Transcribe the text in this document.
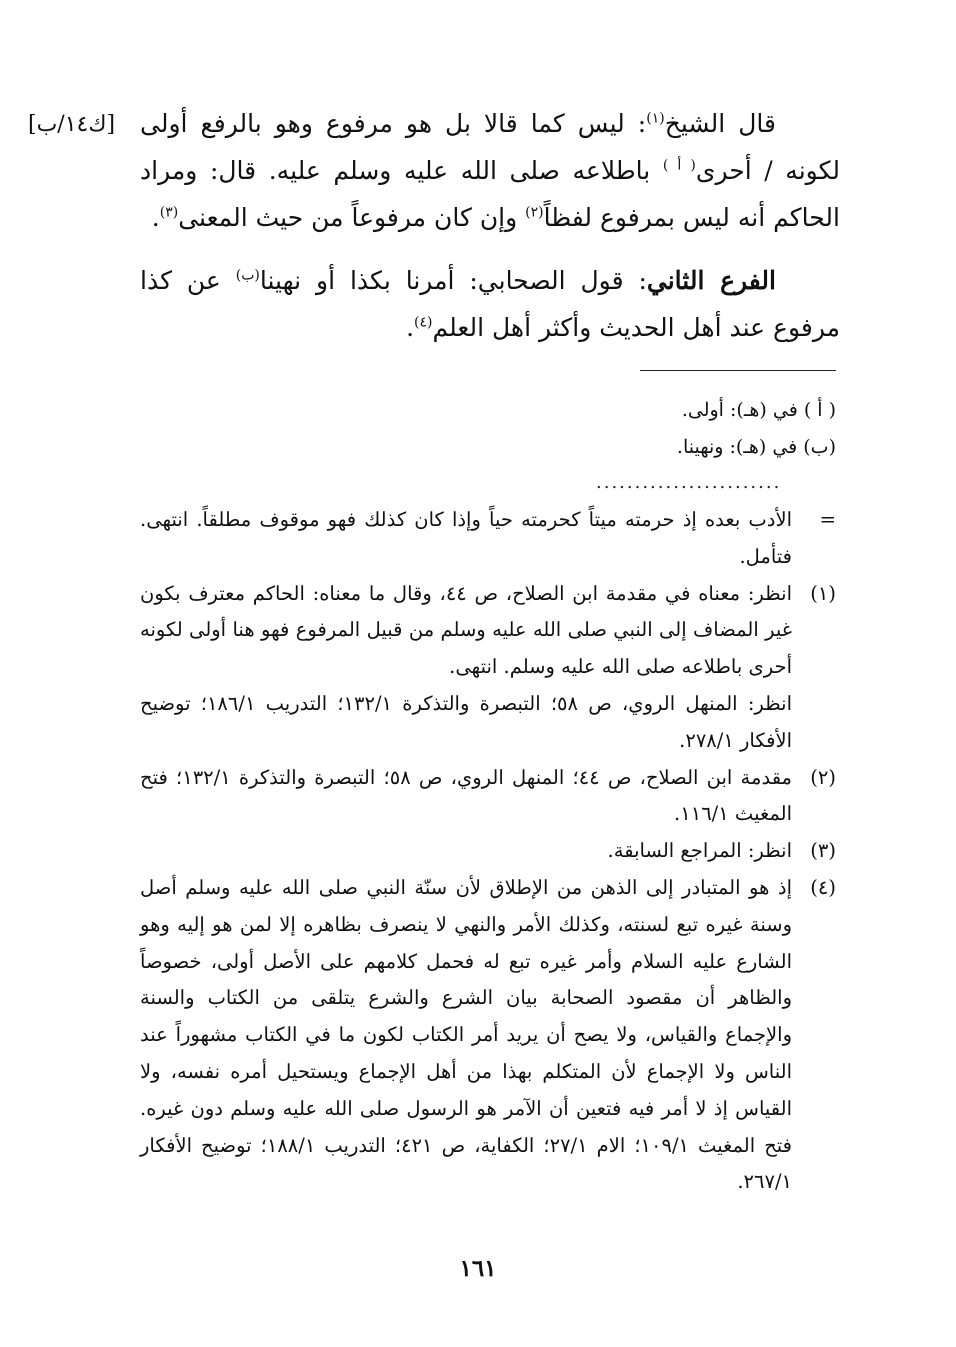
[ك١٤/ب]	قال الشيخ$^{(١)}$: ليس كما قالا بل هو مرفوع وهو بالرفع أولى لكونه / أحرى$^{( أ )}$ باطلاعه صلى الله عليه وسلم عليه. قال: ومراد الحاكم أنه ليس بمرفوع لفظاً$^{(٢)}$ وإن كان مرفوعاً من حيث المعنى$^{(٣)}$.

الفرع الثاني: قول الصحابي: أمرنا بكذا أو نهينا$^{(ب)}$ عن كذا مرفوع عند أهل الحديث وأكثر أهل العلم$^{(٤)}$.

( أ ) في (هـ): أولى.
(ب) في (هـ): ونهينا.
........................
=
الأدب بعده إذ حرمته ميتاً كحرمته حياً وإذا كان كذلك فهو موقوف مطلقاً. انتهى. فتأمل.
(١)
انظر: معناه في مقدمة ابن الصلاح، ص ٤٤، وقال ما معناه: الحاكم معترف بكون غير المضاف إلى النبي صلى الله عليه وسلم من قبيل المرفوع فهو هنا أولى لكونه أحرى باطلاعه صلى الله عليه وسلم. انتهى.
انظر: المنهل الروي، ص ٥٨؛ التبصرة والتذكرة ١٣٢/١؛ التدريب ١٨٦/١؛ توضيح الأفكار ٢٧٨/١.
(٢)
مقدمة ابن الصلاح، ص ٤٤؛ المنهل الروي، ص ٥٨؛ التبصرة والتذكرة ١٣٢/١؛ فتح المغيث ١١٦/١.
(٣)
انظر: المراجع السابقة.
(٤)
إذ هو المتبادر إلى الذهن من الإطلاق لأن سنّة النبي صلى الله عليه وسلم أصل وسنة غيره تبع لسنته، وكذلك الأمر والنهي لا ينصرف بظاهره إلا لمن هو إليه وهو الشارع عليه السلام وأمر غيره تبع له فحمل كلامهم على الأصل أولى، خصوصاً والظاهر أن مقصود الصحابة بيان الشرع والشرع يتلقى من الكتاب والسنة والإجماع والقياس، ولا يصح أن يريد أمر الكتاب لكون ما في الكتاب مشهوراً عند الناس ولا الإجماع لأن المتكلم بهذا من أهل الإجماع ويستحيل أمره نفسه، ولا القياس إذ لا أمر فيه فتعين أن الآمر هو الرسول صلى الله عليه وسلم دون غيره. فتح المغيث ١٠٩/١؛ الام ٢٧/١؛ الكفاية، ص ٤٢١؛ التدريب ١٨٨/١؛ توضيح الأفكار ٢٦٧/١.
١٦١
